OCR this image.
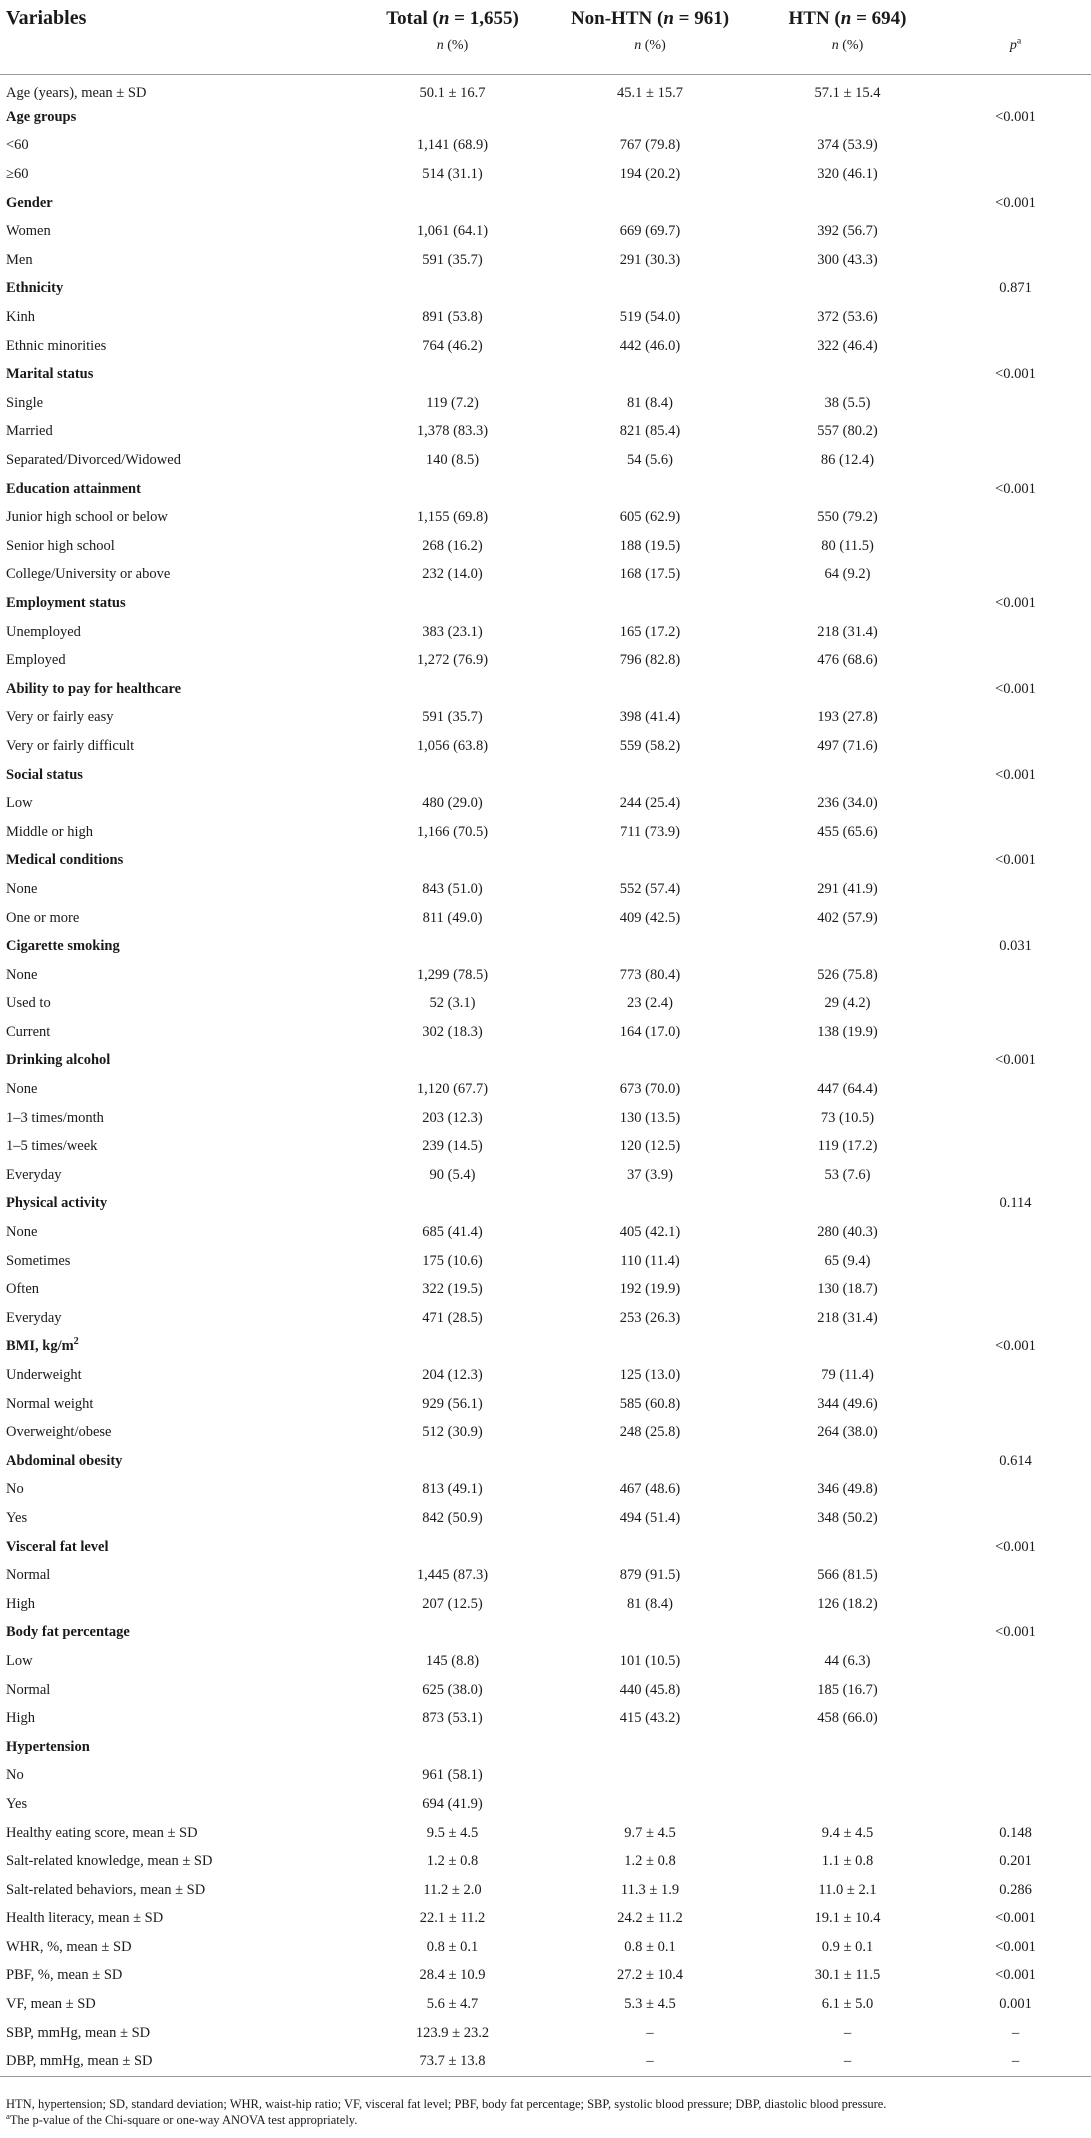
Variables	Total (n = 1,655)	Non-HTN (n = 961)	HTN (n = 694)	
	n (%)	n (%)	n (%)	$p^a$
Age (years), mean ± SD	50.1 ± 16.7	45.1 ± 15.7	57.1 ± 15.4	
Age groups				<0.001
<60	1,141 (68.9)	767 (79.8)	374 (53.9)	
≥60	514 (31.1)	194 (20.2)	320 (46.1)	
Gender				<0.001
Women	1,061 (64.1)	669 (69.7)	392 (56.7)	
Men	591 (35.7)	291 (30.3)	300 (43.3)	
Ethnicity				0.871
Kinh	891 (53.8)	519 (54.0)	372 (53.6)	
Ethnic minorities	764 (46.2)	442 (46.0)	322 (46.4)	
Marital status				<0.001
Single	119 (7.2)	81 (8.4)	38 (5.5)	
Married	1,378 (83.3)	821 (85.4)	557 (80.2)	
Separated/Divorced/Widowed	140 (8.5)	54 (5.6)	86 (12.4)	
Education attainment				<0.001
Junior high school or below	1,155 (69.8)	605 (62.9)	550 (79.2)	
Senior high school	268 (16.2)	188 (19.5)	80 (11.5)	
College/University or above	232 (14.0)	168 (17.5)	64 (9.2)	
Employment status				<0.001
Unemployed	383 (23.1)	165 (17.2)	218 (31.4)	
Employed	1,272 (76.9)	796 (82.8)	476 (68.6)	
Ability to pay for healthcare				<0.001
Very or fairly easy	591 (35.7)	398 (41.4)	193 (27.8)	
Very or fairly difficult	1,056 (63.8)	559 (58.2)	497 (71.6)	
Social status				<0.001
Low	480 (29.0)	244 (25.4)	236 (34.0)	
Middle or high	1,166 (70.5)	711 (73.9)	455 (65.6)	
Medical conditions				<0.001
None	843 (51.0)	552 (57.4)	291 (41.9)	
One or more	811 (49.0)	409 (42.5)	402 (57.9)	
Cigarette smoking				0.031
None	1,299 (78.5)	773 (80.4)	526 (75.8)	
Used to	52 (3.1)	23 (2.4)	29 (4.2)	
Current	302 (18.3)	164 (17.0)	138 (19.9)	
Drinking alcohol				<0.001
None	1,120 (67.7)	673 (70.0)	447 (64.4)	
1–3 times/month	203 (12.3)	130 (13.5)	73 (10.5)	
1–5 times/week	239 (14.5)	120 (12.5)	119 (17.2)	
Everyday	90 (5.4)	37 (3.9)	53 (7.6)	
Physical activity				0.114
None	685 (41.4)	405 (42.1)	280 (40.3)	
Sometimes	175 (10.6)	110 (11.4)	65 (9.4)	
Often	322 (19.5)	192 (19.9)	130 (18.7)	
Everyday	471 (28.5)	253 (26.3)	218 (31.4)	
BMI, $kg/m^2$				<0.001
Underweight	204 (12.3)	125 (13.0)	79 (11.4)	
Normal weight	929 (56.1)	585 (60.8)	344 (49.6)	
Overweight/obese	512 (30.9)	248 (25.8)	264 (38.0)	
Abdominal obesity				0.614
No	813 (49.1)	467 (48.6)	346 (49.8)	
Yes	842 (50.9)	494 (51.4)	348 (50.2)	
Visceral fat level				<0.001
Normal	1,445 (87.3)	879 (91.5)	566 (81.5)	
High	207 (12.5)	81 (8.4)	126 (18.2)	
Body fat percentage				<0.001
Low	145 (8.8)	101 (10.5)	44 (6.3)	
Normal	625 (38.0)	440 (45.8)	185 (16.7)	
High	873 (53.1)	415 (43.2)	458 (66.0)	
Hypertension				
No	961 (58.1)			
Yes	694 (41.9)			
Healthy eating score, mean ± SD	9.5 ± 4.5	9.7 ± 4.5	9.4 ± 4.5	0.148
Salt-related knowledge, mean ± SD	1.2 ± 0.8	1.2 ± 0.8	1.1 ± 0.8	0.201
Salt-related behaviors, mean ± SD	11.2 ± 2.0	11.3 ± 1.9	11.0 ± 2.1	0.286
Health literacy, mean ± SD	22.1 ± 11.2	24.2 ± 11.2	19.1 ± 10.4	<0.001
WHR, %, mean ± SD	0.8 ± 0.1	0.8 ± 0.1	0.9 ± 0.1	<0.001
PBF, %, mean ± SD	28.4 ± 10.9	27.2 ± 10.4	30.1 ± 11.5	<0.001
VF, mean ± SD	5.6 ± 4.7	5.3 ± 4.5	6.1 ± 5.0	0.001
SBP, mmHg, mean ± SD	123.9 ± 23.2	–	–	–
DBP, mmHg, mean ± SD	73.7 ± 13.8	–	–	–
HTN, hypertension; SD, standard deviation; WHR, waist-hip ratio; VF, visceral fat level; PBF, body fat percentage; SBP, systolic blood pressure; DBP, diastolic blood pressure.
$^a$The p-value of the Chi-square or one-way ANOVA test appropriately.
